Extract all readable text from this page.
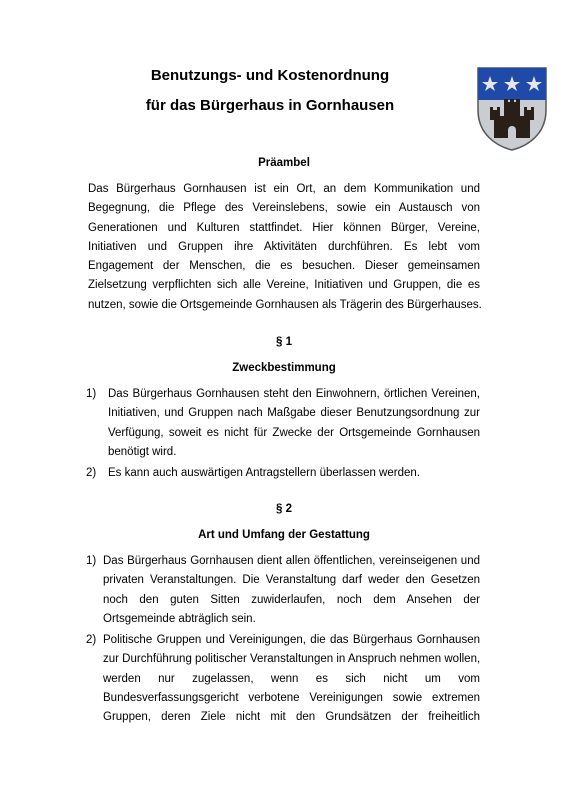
Benutzungs- und Kostenordnung
für das Bürgerhaus in Gornhausen
Präambel
Das Bürgerhaus Gornhausen ist ein Ort, an dem Kommunikation und
Begegnung, die Pflege des Vereinslebens, sowie ein Austausch von
Generationen und Kulturen stattfindet. Hier können Bürger, Vereine,
Initiativen und Gruppen ihre Aktivitäten durchführen. Es lebt vom
Engagement der Menschen, die es besuchen. Dieser gemeinsamen
Zielsetzung verpflichten sich alle Vereine, Initiativen und Gruppen, die es
nutzen, sowie die Ortsgemeinde Gornhausen als Trägerin des Bürgerhauses.
§ 1
Zweckbestimmung
1) Das Bürgerhaus Gornhausen steht den Einwohnern, örtlichen Vereinen,
Initiativen, und Gruppen nach Maßgabe dieser Benutzungsordnung zur
Verfügung, soweit es nicht für Zwecke der Ortsgemeinde Gornhausen
benötigt wird.
2) Es kann auch auswärtigen Antragstellern überlassen werden.
§ 2
Art und Umfang der Gestattung
1) Das Bürgerhaus Gornhausen dient allen öffentlichen, vereinseigenen und
privaten Veranstaltungen. Die Veranstaltung darf weder den Gesetzen
noch den guten Sitten zuwiderlaufen, noch dem Ansehen der
Ortsgemeinde abträglich sein.
2) Politische Gruppen und Vereinigungen, die das Bürgerhaus Gornhausen
zur Durchführung politischer Veranstaltungen in Anspruch nehmen wollen,
werden nur zugelassen, wenn es sich nicht um vom
Bundesverfassungsgericht verbotene Vereinigungen sowie extremen
Gruppen, deren Ziele nicht mit den Grundsätzen der freiheitlich
